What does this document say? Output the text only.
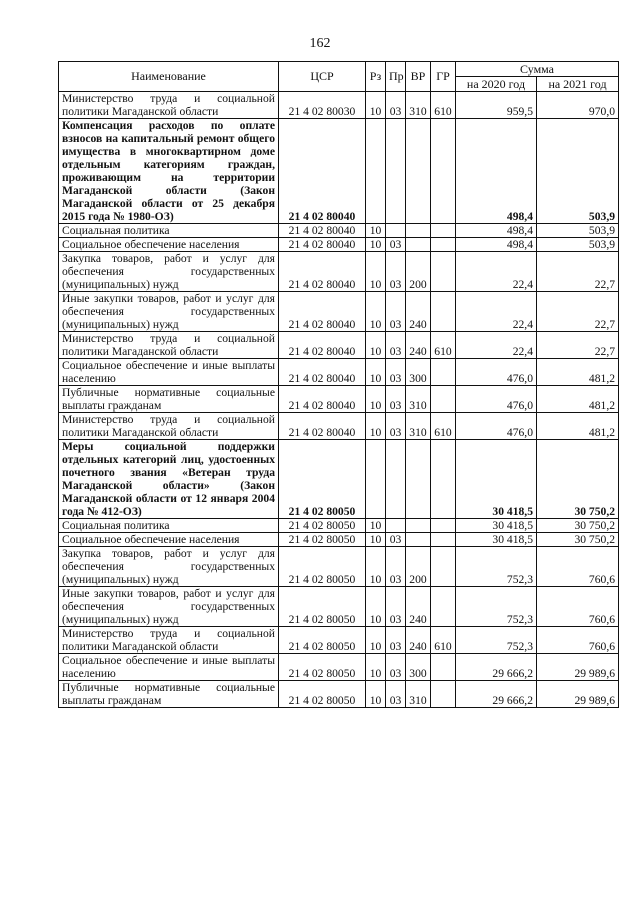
162
Наименование	ЦСР	Рз	Пр	ВР	ГР	Сумма	
						на 2020 год	на 2021 год
Министерство труда и социальной политики Магаданской области	21 4 02 80030	10	03	310	610	959,5	970,0
Компенсация расходов по оплате взносов на капитальный ремонт общего имущества в многоквартирном доме отдельным категориям граждан, проживающим на территории Магаданской области (Закон Магаданской области от 25 декабря 2015 года № 1980-ОЗ)	21 4 02 80040					498,4	503,9
Социальная политика	21 4 02 80040	10				498,4	503,9
Социальное обеспечение населения	21 4 02 80040	10	03			498,4	503,9
Закупка товаров, работ и услуг для обеспечения государственных (муниципальных) нужд	21 4 02 80040	10	03	200		22,4	22,7
Иные закупки товаров, работ и услуг для обеспечения государственных (муниципальных) нужд	21 4 02 80040	10	03	240		22,4	22,7
Министерство труда и социальной политики Магаданской области	21 4 02 80040	10	03	240	610	22,4	22,7
Социальное обеспечение и иные выплаты населению	21 4 02 80040	10	03	300		476,0	481,2
Публичные нормативные социальные выплаты гражданам	21 4 02 80040	10	03	310		476,0	481,2
Министерство труда и социальной политики Магаданской области	21 4 02 80040	10	03	310	610	476,0	481,2
Меры социальной поддержки отдельных категорий лиц, удостоенных почетного звания «Ветеран труда Магаданской области» (Закон Магаданской области от 12 января 2004 года № 412-ОЗ)	21 4 02 80050					30 418,5	30 750,2
Социальная политика	21 4 02 80050	10				30 418,5	30 750,2
Социальное обеспечение населения	21 4 02 80050	10	03			30 418,5	30 750,2
Закупка товаров, работ и услуг для обеспечения государственных (муниципальных) нужд	21 4 02 80050	10	03	200		752,3	760,6
Иные закупки товаров, работ и услуг для обеспечения государственных (муниципальных) нужд	21 4 02 80050	10	03	240		752,3	760,6
Министерство труда и социальной политики Магаданской области	21 4 02 80050	10	03	240	610	752,3	760,6
Социальное обеспечение и иные выплаты населению	21 4 02 80050	10	03	300		29 666,2	29 989,6
Публичные нормативные социальные выплаты гражданам	21 4 02 80050	10	03	310		29 666,2	29 989,6
